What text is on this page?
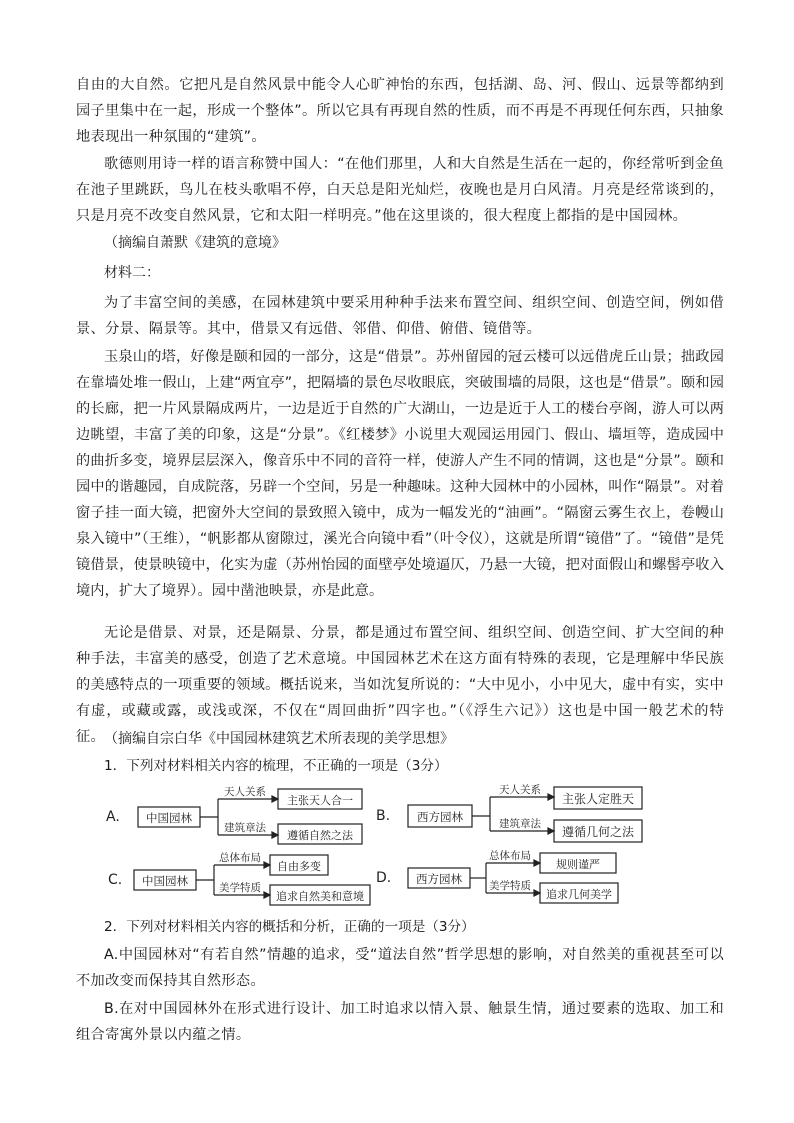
自由的大自然。它把凡是自然风景中能令人心旷神怡的东西，包括湖、岛、河、假山、远景等都纳到园子里集中在一起，形成一个整体”。所以它具有再现自然的性质，而不再是不再现任何东西，只抽象地表现出一种氛围的“建筑”。
歌德则用诗一样的语言称赞中国人：“在他们那里，人和大自然是生活在一起的，你经常听到金鱼在池子里跳跃，鸟儿在枝头歌唱不停，白天总是阳光灿烂，夜晚也是月白风清。月亮是经常谈到的，只是月亮不改变自然风景，它和太阳一样明亮。”他在这里谈的，很大程度上都指的是中国园林。
（摘编自萧默《建筑的意境》
材料二：
为了丰富空间的美感，在园林建筑中要采用种种手法来布置空间、组织空间、创造空间，例如借景、分景、隔景等。其中，借景又有远借、邻借、仰借、俯借、镜借等。
玉泉山的塔，好像是颐和园的一部分，这是“借景”。苏州留园的冠云楼可以远借虎丘山景；拙政园在靠墙处堆一假山，上建“两宜亭”，把隔墙的景色尽收眼底，突破围墙的局限，这也是“借景”。颐和园的长廊，把一片风景隔成两片，一边是近于自然的广大湖山，一边是近于人工的楼台亭阁，游人可以两边眺望，丰富了美的印象，这是“分景”。《红楼梦》小说里大观园运用园门、假山、墙垣等，造成园中的曲折多变，境界层层深入，像音乐中不同的音符一样，使游人产生不同的情调，这也是“分景”。颐和园中的谐趣园，自成院落，另辟一个空间，另是一种趣味。这种大园林中的小园林，叫作“隔景”。对着窗子挂一面大镜，把窗外大空间的景致照入镜中，成为一幅发光的“油画”。“隔窗云雾生衣上，卷幔山泉入镜中”（王维），“帆影都从窗隙过，溪光合向镜中看”（叶令仪），这就是所谓“镜借”了。“镜借”是凭镜借景，使景映镜中，化实为虚（苏州怡园的面壁亭处境逼仄，乃悬一大镜，把对面假山和螺髻亭收入境内，扩大了境界）。园中凿池映景，亦是此意。
无论是借景、对景，还是隔景、分景，都是通过布置空间、组织空间、创造空间、扩大空间的种种手法，丰富美的感受，创造了艺术意境。中国园林艺术在这方面有特殊的表现，它是理解中华民族的美感特点的一项重要的领域。概括说来，当如沈复所说的：“大中见小，小中见大，虚中有实，实中有虚，或藏或露，或浅或深，不仅在“周回曲折”四字也。”（《浮生六记》）这也是中国一般艺术的特征。
（摘编自宗白华《中国园林建筑艺术所表现的美学思想》
1．下列对材料相关内容的梳理，不正确的一项是（3分）
A. 中国园林
天人关系
建筑章法
主张天人合一
遵循自然之法
B. 西方园林
天人关系
建筑章法
主张人定胜天
遵循几何之法
C. 中国园林
总体布局
美学特质
自由多变
追求自然美和意境
D. 西方园林
总体布局
美学特质
规则谨严
追求几何美学
2．下列对材料相关内容的概括和分析，正确的一项是（3分）
A.中国园林对“有若自然”情趣的追求，受“道法自然”哲学思想的影响，对自然美的重视甚至可以不加改变而保持其自然形态。
B.在对中国园林外在形式进行设计、加工时追求以情入景、触景生情，通过要素的选取、加工和组合寄寓外景以内蕴之情。
